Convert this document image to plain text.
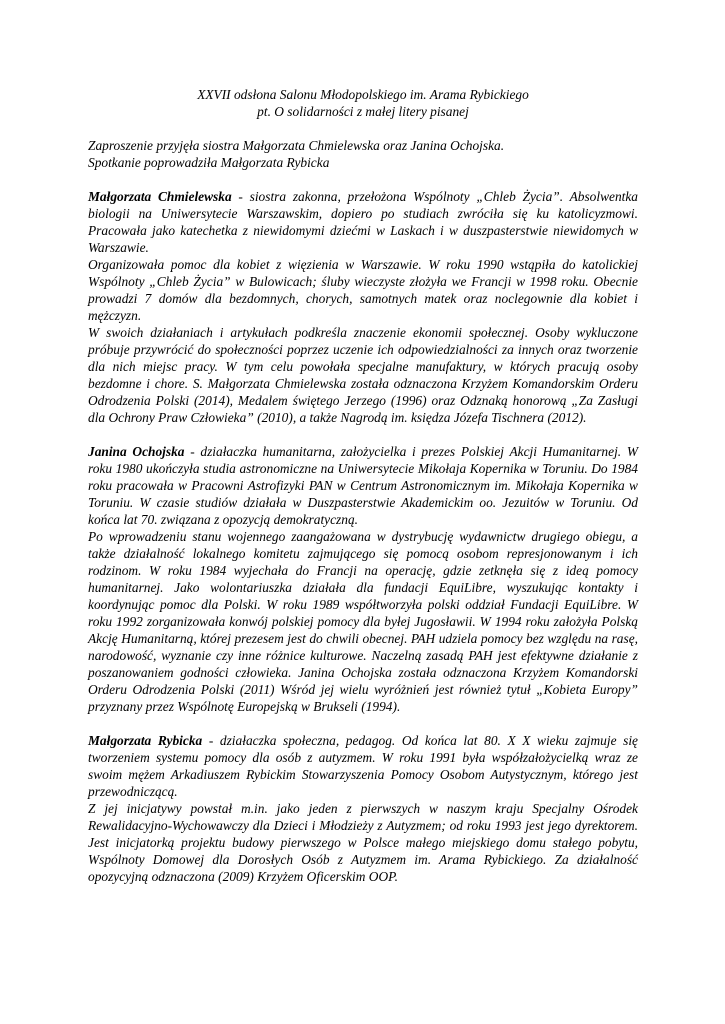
XXVII odsłona Salonu Młodopolskiego im. Arama Rybickiego
pt. O solidarności z małej litery pisanej
Zaproszenie przyjęła siostra Małgorzata Chmielewska oraz Janina Ochojska.
Spotkanie poprowadziła Małgorzata Rybicka

Małgorzata Chmielewska - siostra zakonna, przełożona Wspólnoty „Chleb Życia”. Absolwentka biologii na Uniwersytecie Warszawskim, dopiero po studiach zwróciła się ku katolicyzmowi. Pracowała jako katechetka z niewidomymi dziećmi w Laskach i w duszpasterstwie niewidomych w Warszawie.

Organizowała pomoc dla kobiet z więzienia w Warszawie. W roku 1990 wstąpiła do katolickiej Wspólnoty „Chleb Życia” w Bulowicach; śluby wieczyste złożyła we Francji w 1998 roku. Obecnie prowadzi 7 domów dla bezdomnych, chorych, samotnych matek oraz noclegownie dla kobiet i mężczyzn.

W swoich działaniach i artykułach podkreśla znaczenie ekonomii społecznej. Osoby wykluczone próbuje przywrócić do społeczności poprzez uczenie ich odpowiedzialności za innych oraz tworzenie dla nich miejsc pracy. W tym celu powołała specjalne manufaktury, w których pracują osoby bezdomne i chore. S. Małgorzata Chmielewska została odznaczona Krzyżem Komandorskim Orderu Odrodzenia Polski (2014), Medalem świętego Jerzego (1996) oraz Odznaką honorową „Za Zasługi dla Ochrony Praw Człowieka” (2010), a także Nagrodą im. księdza Józefa Tischnera (2012).

Janina Ochojska - działaczka humanitarna, założycielka i prezes Polskiej Akcji Humanitarnej. W roku 1980 ukończyła studia astronomiczne na Uniwersytecie Mikołaja Kopernika w Toruniu. Do 1984 roku pracowała w Pracowni Astrofizyki PAN w Centrum Astronomicznym im. Mikołaja Kopernika w Toruniu. W czasie studiów działała w Duszpasterstwie Akademickim oo. Jezuitów w Toruniu. Od końca lat 70. związana z opozycją demokratyczną.

Po wprowadzeniu stanu wojennego zaangażowana w dystrybucję wydawnictw drugiego obiegu, a także działalność lokalnego komitetu zajmującego się pomocą osobom represjonowanym i ich rodzinom. W roku 1984 wyjechała do Francji na operację, gdzie zetknęła się z ideą pomocy humanitarnej. Jako wolontariuszka działała dla fundacji EquiLibre, wyszukując kontakty i koordynując pomoc dla Polski. W roku 1989 współtworzyła polski oddział Fundacji EquiLibre. W roku 1992 zorganizowała konwój polskiej pomocy dla byłej Jugosławii. W 1994 roku założyła Polską Akcję Humanitarną, której prezesem jest do chwili obecnej. PAH udziela pomocy bez względu na rasę, narodowość, wyznanie czy inne różnice kulturowe. Naczelną zasadą PAH jest efektywne działanie z poszanowaniem godności człowieka. Janina Ochojska została odznaczona Krzyżem Komandorski Orderu Odrodzenia Polski (2011) Wśród jej wielu wyróżnień jest również tytuł „Kobieta Europy” przyznany przez Wspólnotę Europejską w Brukseli (1994).

Małgorzata Rybicka - działaczka społeczna, pedagog. Od końca lat 80. X X wieku zajmuje się tworzeniem systemu pomocy dla osób z autyzmem. W roku 1991 była współzałożycielką wraz ze swoim mężem Arkadiuszem Rybickim Stowarzyszenia Pomocy Osobom Autystycznym, którego jest przewodniczącą.

Z jej inicjatywy powstał m.in. jako jeden z pierwszych w naszym kraju Specjalny Ośrodek Rewalidacyjno-Wychowawczy dla Dzieci i Młodzieży z Autyzmem; od roku 1993 jest jego dyrektorem. Jest inicjatorką projektu budowy pierwszego w Polsce małego miejskiego domu stałego pobytu, Wspólnoty Domowej dla Dorosłych Osób z Autyzmem im. Arama Rybickiego. Za działalność opozycyjną odznaczona (2009) Krzyżem Oficerskim OOP.
